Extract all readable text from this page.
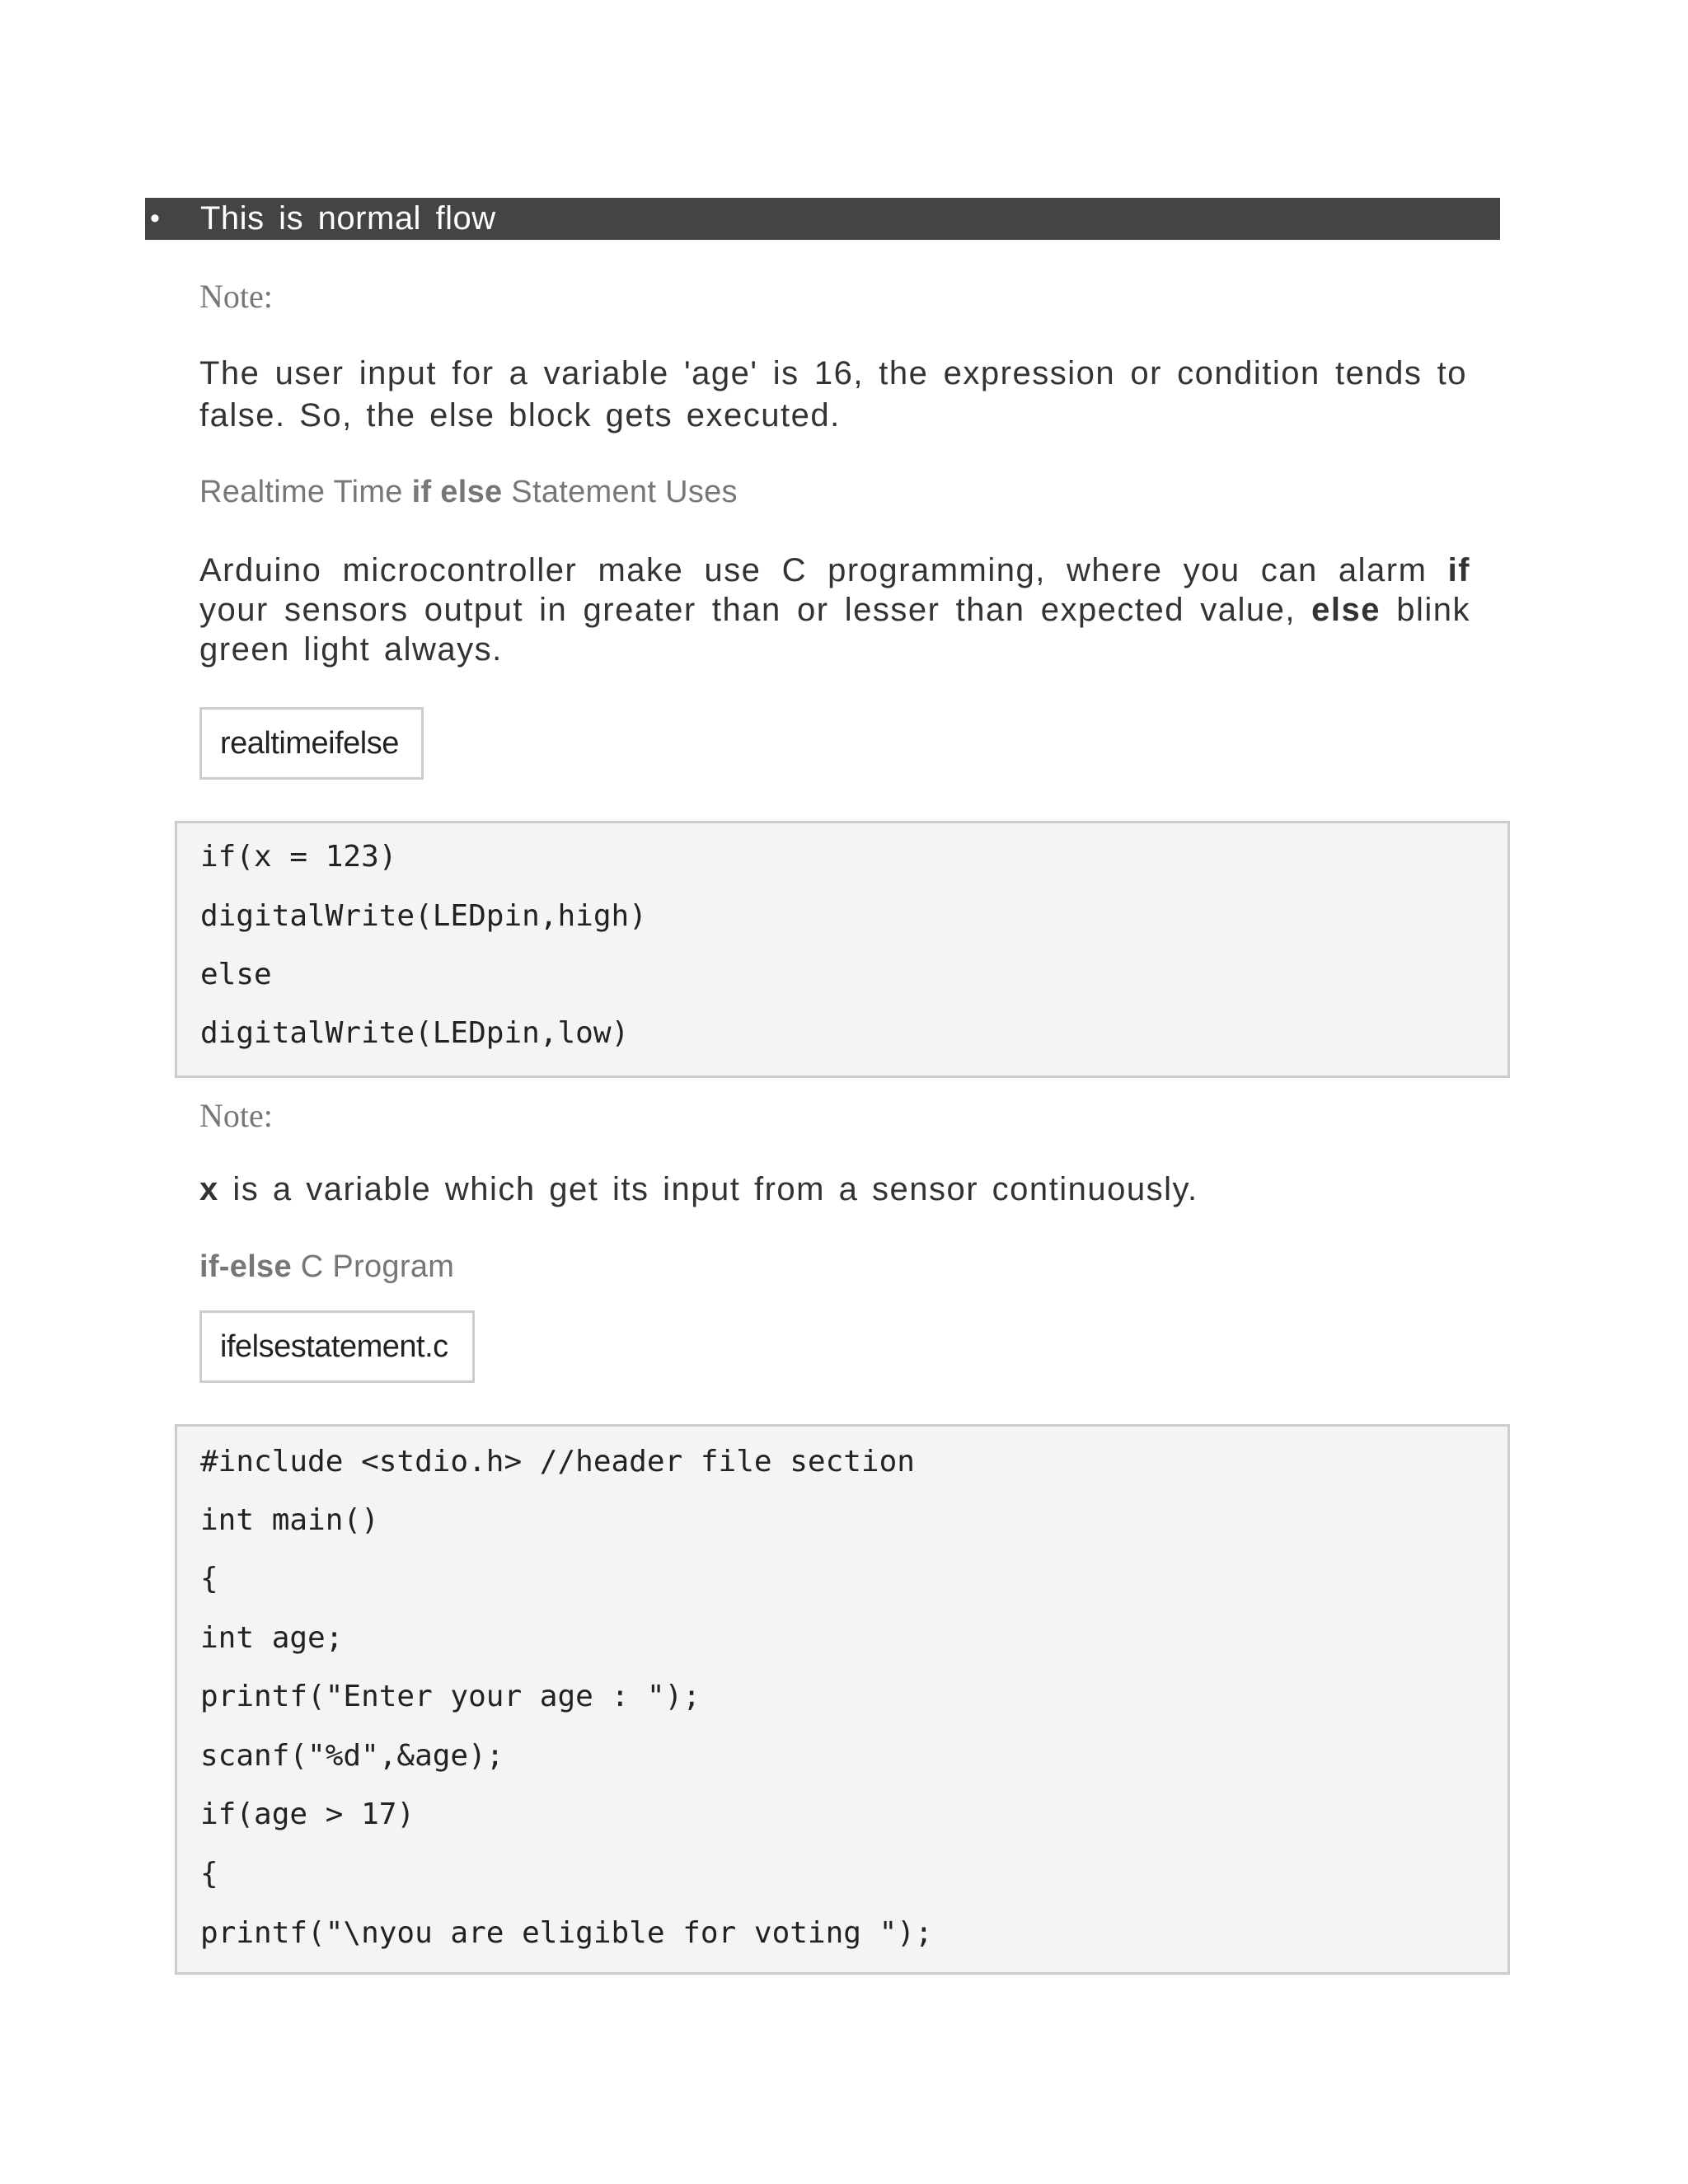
• This is normal flow
Note:
The user input for a variable 'age' is 16, the expression or condition tends to false. So, the else block gets executed.
Realtime Time if else Statement Uses
Arduino microcontroller make use C programming, where you can alarm if your sensors output in greater than or lesser than expected value, else blink green light always.
realtimeifelse
if(x = 123)
digitalWrite(LEDpin,high)
else
digitalWrite(LEDpin,low)
Note:
x is a variable which get its input from a sensor continuously.
if-else C Program
ifelsestatement.c
#include <stdio.h> //header file section
int main()
{
int age;
printf("Enter your age : ");
scanf("%d",&age);
if(age > 17)
{
printf("\nyou are eligible for voting ");
